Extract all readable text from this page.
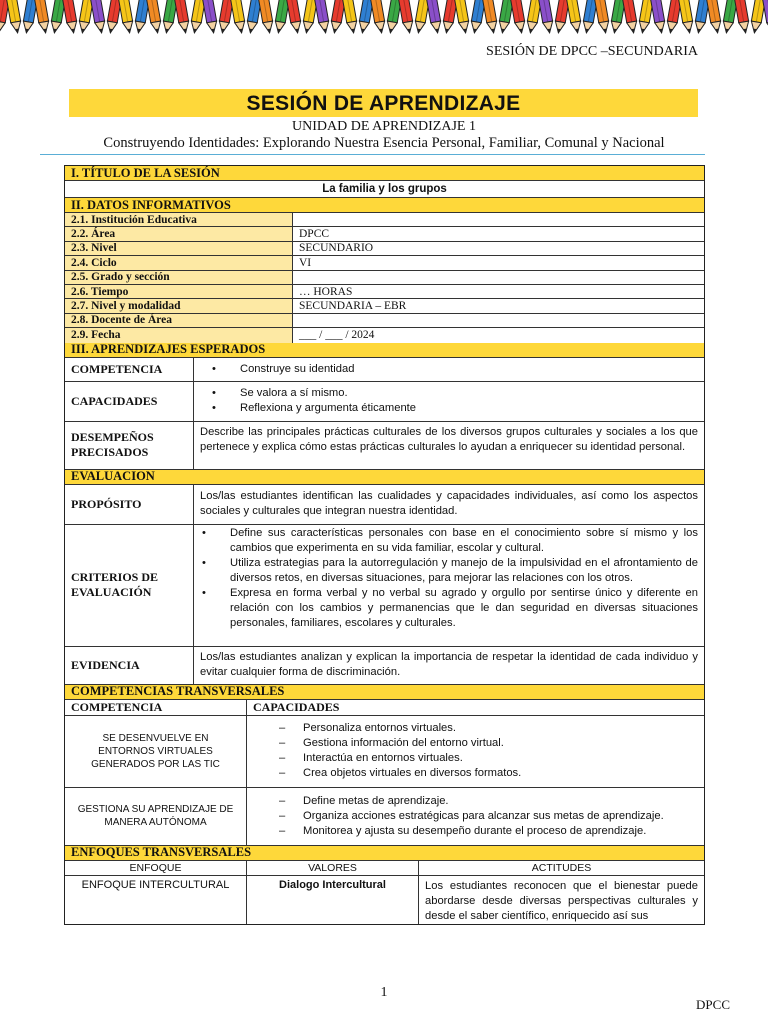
SESIÓN DE DPCC –SECUNDARIA
SESIÓN DE APRENDIZAJE
UNIDAD DE APRENDIZAJE 1
Construyendo Identidades: Explorando Nuestra Esencia Personal, Familiar, Comunal y Nacional
I. TÍTULO DE LA SESIÓN
La familia y los grupos
II. DATOS INFORMATIVOS
2.1. Institución Educativa
2.2. Área	DPCC
2.3. Nivel	SECUNDARIO
2.4. Ciclo	VI
2.5. Grado y sección
2.6. Tiempo	… HORAS
2.7. Nivel y modalidad	SECUNDARIA – EBR
2.8. Docente de Área
2.9. Fecha	___ / ___ / 2024
III. APRENDIZAJES ESPERADOS
COMPETENCIA
•	Construye su identidad
CAPACIDADES
• Se valora a sí mismo.
• Reflexiona y argumenta éticamente
DESEMPEÑOS PRECISADOS
Describe las principales prácticas culturales de los diversos grupos culturales y sociales a los que pertenece y explica cómo estas prácticas culturales lo ayudan a enriquecer su identidad personal.
EVALUACION
PROPÓSITO
Los/las estudiantes identifican las cualidades y capacidades individuales, así como los aspectos sociales y culturales que integran nuestra identidad.
CRITERIOS DE EVALUACIÓN
• Define sus características personales con base en el conocimiento sobre sí mismo y los cambios que experimenta en su vida familiar, escolar y cultural.
• Utiliza estrategias para la autorregulación y manejo de la impulsividad en el afrontamiento de diversos retos, en diversas situaciones, para mejorar las relaciones con los otros.
• Expresa en forma verbal y no verbal su agrado y orgullo por sentirse único y diferente en relación con los cambios y permanencias que le dan seguridad en diversas situaciones personales, familiares, escolares y culturales.
EVIDENCIA
Los/las estudiantes analizan y explican la importancia de respetar la identidad de cada individuo y evitar cualquier forma de discriminación.
COMPETENCIAS TRANSVERSALES
COMPETENCIA	CAPACIDADES
SE DESENVUELVE EN ENTORNOS VIRTUALES GENERADOS POR LAS TIC
– Personaliza entornos virtuales.
– Gestiona información del entorno virtual.
– Interactúa en entornos virtuales.
– Crea objetos virtuales en diversos formatos.
GESTIONA SU APRENDIZAJE DE MANERA AUTÓNOMA
– Define metas de aprendizaje.
– Organiza acciones estratégicas para alcanzar sus metas de aprendizaje.
– Monitorea y ajusta su desempeño durante el proceso de aprendizaje.
ENFOQUES TRANSVERSALES
ENFOQUE	VALORES	ACTITUDES
ENFOQUE INTERCULTURAL	Dialogo Intercultural	Los estudiantes reconocen que el bienestar puede abordarse desde diversas perspectivas culturales y desde el saber científico, enriquecido así sus
1
DPCC
